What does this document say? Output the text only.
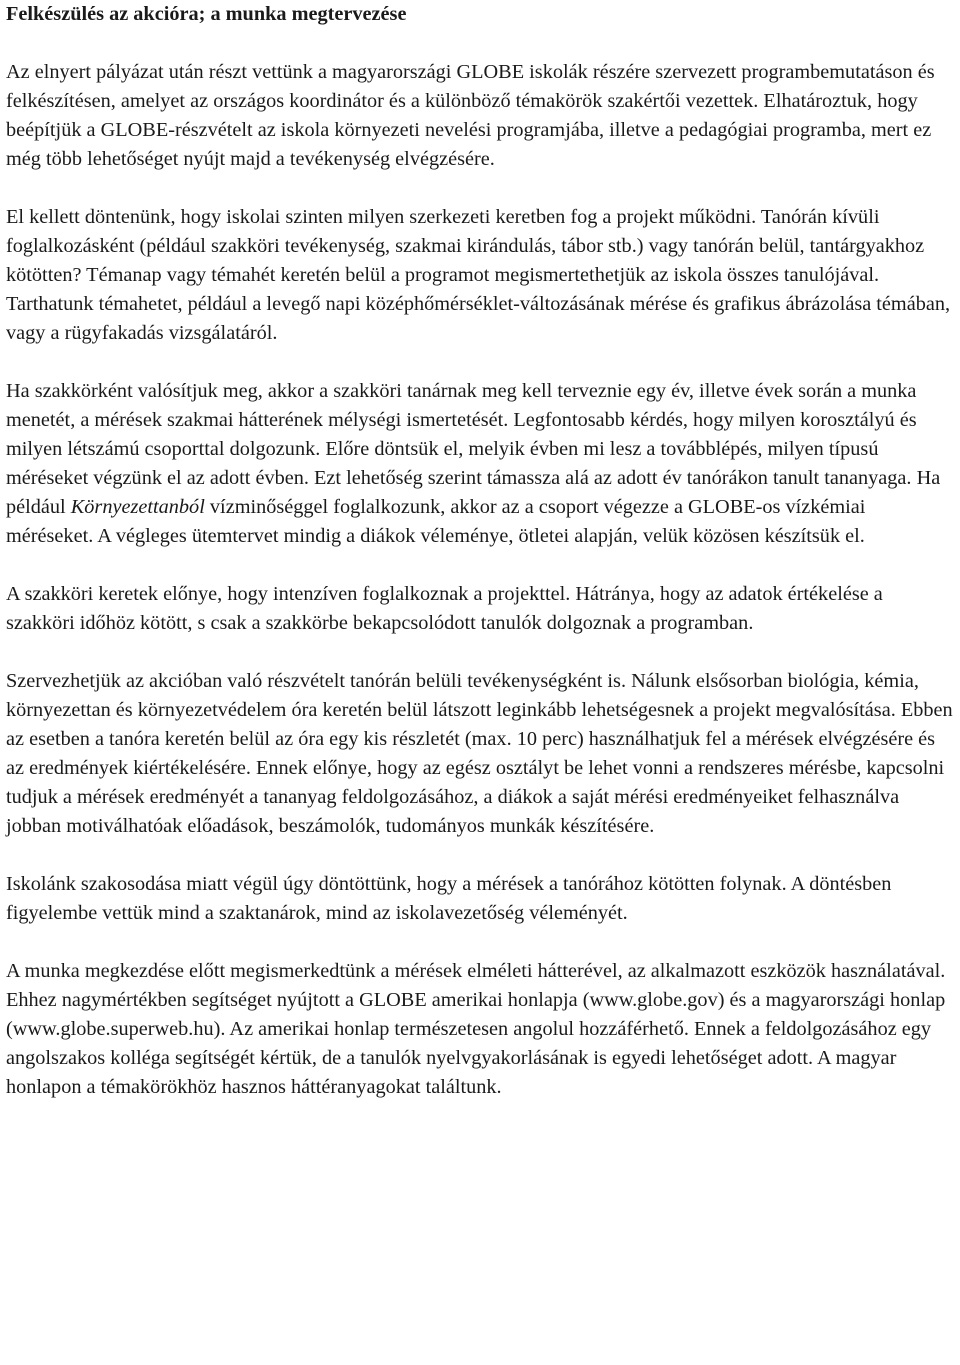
Felkészülés az akcióra; a munka megtervezése

Az elnyert pályázat után részt vettünk a magyarországi GLOBE iskolák részére szervezett programbemutatáson és felkészítésen, amelyet az országos koordinátor és a különböző témakörök szakértői vezettek. Elhatároztuk, hogy beépítjük a GLOBE-részvételt az iskola környezeti nevelési programjába, illetve a pedagógiai programba, mert ez még több lehetőséget nyújt majd a tevékenység elvégzésére.

El kellett döntenünk, hogy iskolai szinten milyen szerkezeti keretben fog a projekt működni. Tanórán kívüli foglalkozásként (például szakköri tevékenység, szakmai kirándulás, tábor stb.) vagy tanórán belül, tantárgyakhoz kötötten? Témanap vagy témahét keretén belül a programot megismertethetjük az iskola összes tanulójával. Tarthatunk témahetet, például a levegő napi középhőmérséklet-változásának mérése és grafikus ábrázolása témában, vagy a rügyfakadás vizsgálatáról.

Ha szakkörként valósítjuk meg, akkor a szakköri tanárnak meg kell terveznie egy év, illetve évek során a munka menetét, a mérések szakmai hátterének mélységi ismertetését. Legfontosabb kérdés, hogy milyen korosztályú és milyen létszámú csoporttal dolgozunk. Előre döntsük el, melyik évben mi lesz a továbblépés, milyen típusú méréseket végzünk el az adott évben. Ezt lehetőség szerint támassza alá az adott év tanórákon tanult tananyaga. Ha például Környezettanból vízminőséggel foglalkozunk, akkor az a csoport végezze a GLOBE-os vízkémiai méréseket. A végleges ütemtervet mindig a diákok véleménye, ötletei alapján, velük közösen készítsük el.

A szakköri keretek előnye, hogy intenzíven foglalkoznak a projekttel. Hátránya, hogy az adatok értékelése a szakköri időhöz kötött, s csak a szakkörbe bekapcsolódott tanulók dolgoznak a programban.

Szervezhetjük az akcióban való részvételt tanórán belüli tevékenységként is. Nálunk elsősorban biológia, kémia, környezettan és környezetvédelem óra keretén belül látszott leginkább lehetségesnek a projekt megvalósítása. Ebben az esetben a tanóra keretén belül az óra egy kis részletét (max. 10 perc) használhatjuk fel a mérések elvégzésére és az eredmények kiértékelésére. Ennek előnye, hogy az egész osztályt be lehet vonni a rendszeres mérésbe, kapcsolni tudjuk a mérések eredményét a tananyag feldolgozásához, a diákok a saját mérési eredményeiket felhasználva jobban motiválhatóak előadások, beszámolók, tudományos munkák készítésére.

Iskolánk szakosodása miatt végül úgy döntöttünk, hogy a mérések a tanórához kötötten folynak. A döntésben figyelembe vettük mind a szaktanárok, mind az iskolavezetőség véleményét.

A munka megkezdése előtt megismerkedtünk a mérések elméleti hátterével, az alkalmazott eszközök használatával. Ehhez nagymértékben segítséget nyújtott a GLOBE amerikai honlapja (www.globe.gov) és a magyarországi honlap (www.globe.superweb.hu). Az amerikai honlap természetesen angolul hozzáférhető. Ennek a feldolgozásához egy angolszakos kolléga segítségét kértük, de a tanulók nyelvgyakorlásának is egyedi lehetőséget adott. A magyar honlapon a témakörökhöz hasznos háttéranyagokat találtunk.
